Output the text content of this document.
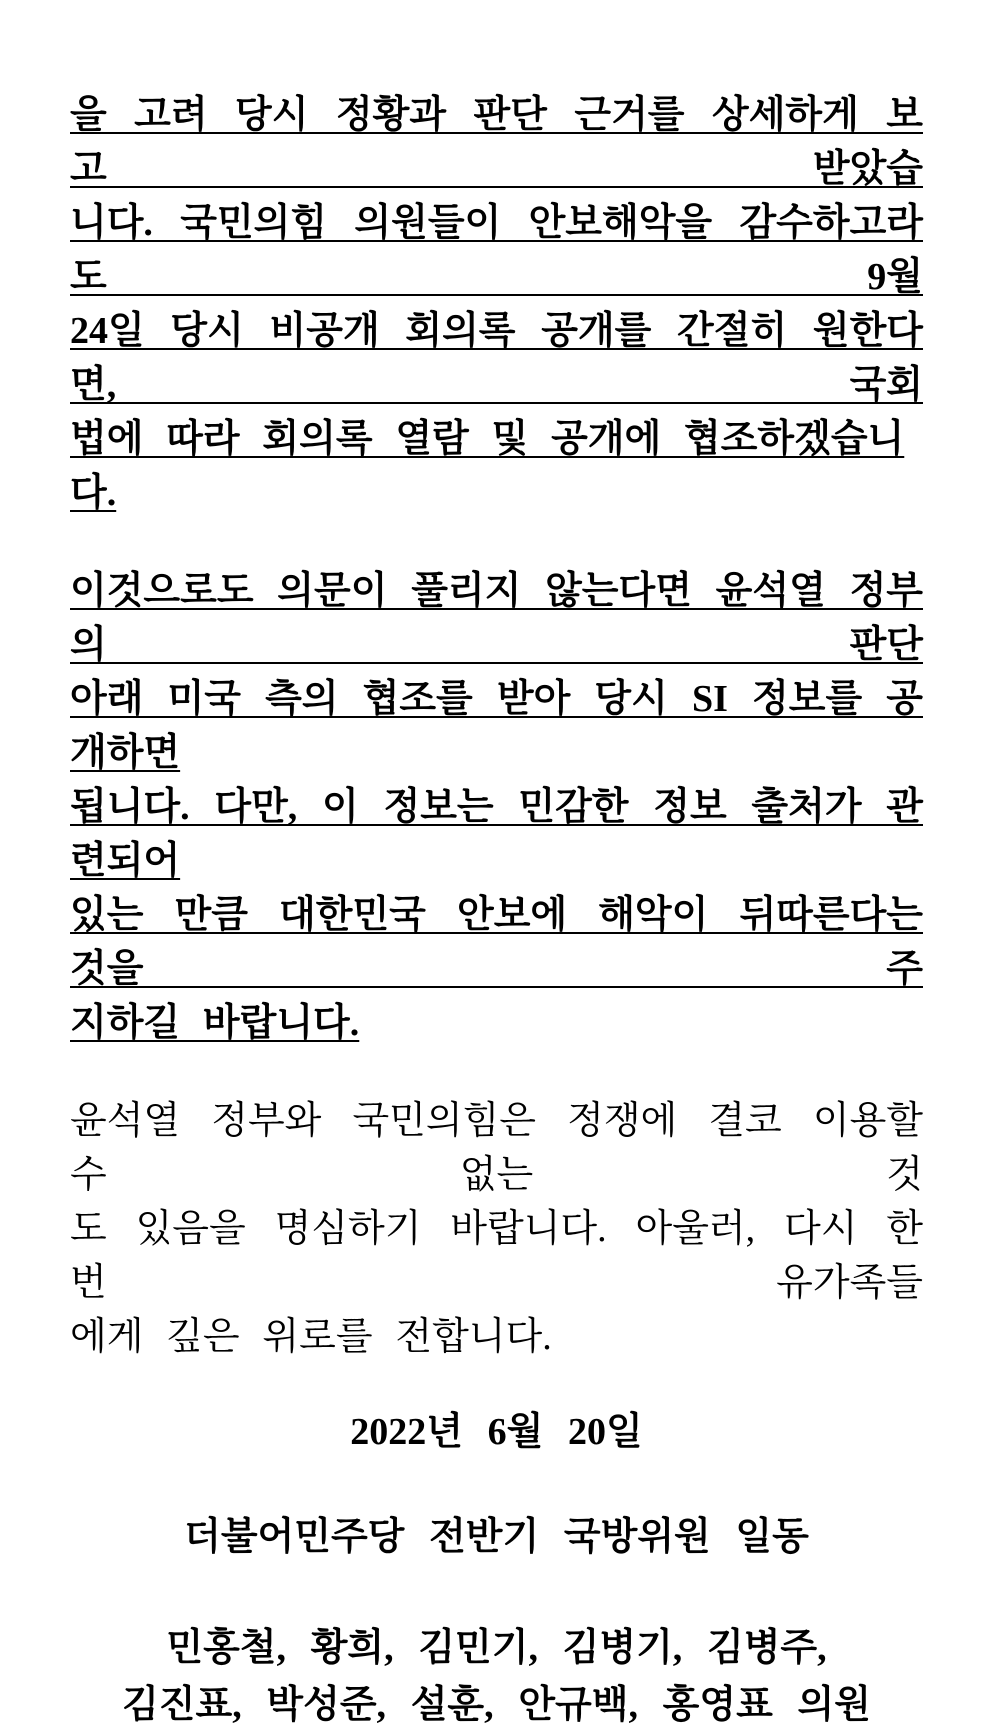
을 고려 당시 정황과 판단 근거를 상세하게 보고 받았습
니다. 국민의힘 의원들이 안보해악을 감수하고라도 9월
24일 당시 비공개 회의록 공개를 간절히 원한다면, 국회
법에 따라 회의록 열람 및 공개에 협조하겠습니다.
이것으로도 의문이 풀리지 않는다면 윤석열 정부의 판단
아래 미국 측의 협조를 받아 당시 SI 정보를 공개하면
됩니다. 다만, 이 정보는 민감한 정보 출처가 관련되어
있는 만큼 대한민국 안보에 해악이 뒤따른다는 것을 주
지하길 바랍니다.
윤석열 정부와 국민의힘은 정쟁에 결코 이용할 수 없는 것
도 있음을 명심하기 바랍니다. 아울러, 다시 한번 유가족들
에게 깊은 위로를 전합니다.
2022년 6월 20일
더불어민주당 전반기 국방위원 일동
민홍철, 황희, 김민기, 김병기, 김병주,
김진표, 박성준, 설훈, 안규백, 홍영표 의원
